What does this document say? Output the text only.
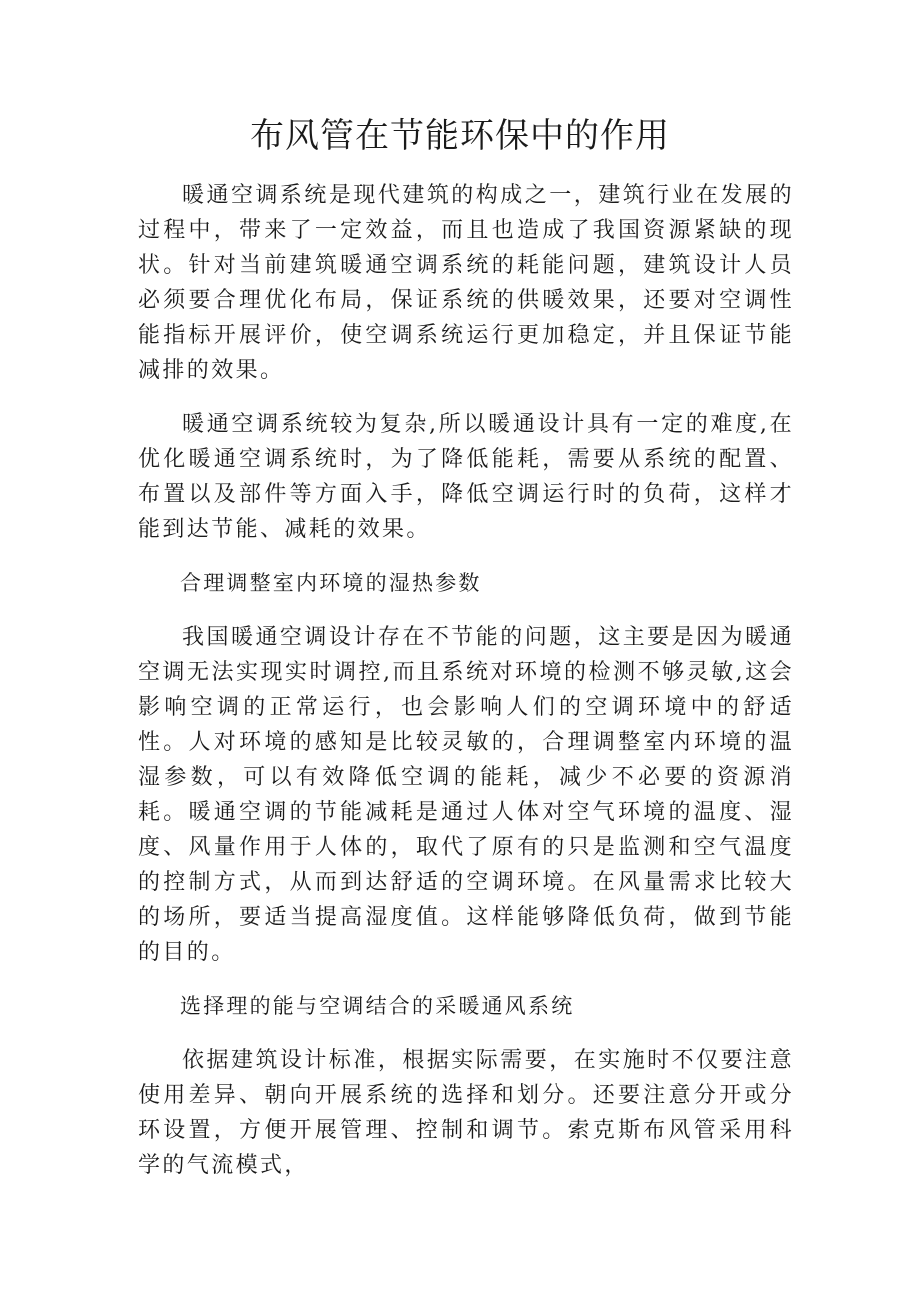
布风管在节能环保中的作用

暖通空调系统是现代建筑的构成之一，建筑行业在发展的过程中，带来了一定效益，而且也造成了我国资源紧缺的现状。针对当前建筑暖通空调系统的耗能问题，建筑设计人员必须要合理优化布局，保证系统的供暖效果，还要对空调性能指标开展评价，使空调系统运行更加稳定，并且保证节能减排的效果。

暖通空调系统较为复杂,所以暖通设计具有一定的难度,在优化暖通空调系统时，为了降低能耗，需要从系统的配置、布置以及部件等方面入手，降低空调运行时的负荷，这样才能到达节能、减耗的效果。

合理调整室内环境的湿热参数

我国暖通空调设计存在不节能的问题，这主要是因为暖通空调无法实现实时调控,而且系统对环境的检测不够灵敏,这会影响空调的正常运行，也会影响人们的空调环境中的舒适性。人对环境的感知是比较灵敏的，合理调整室内环境的温湿参数，可以有效降低空调的能耗，减少不必要的资源消耗。暖通空调的节能减耗是通过人体对空气环境的温度、湿度、风量作用于人体的，取代了原有的只是监测和空气温度的控制方式，从而到达舒适的空调环境。在风量需求比较大的场所，要适当提高湿度值。这样能够降低负荷，做到节能的目的。

选择理的能与空调结合的采暖通风系统

依据建筑设计标准，根据实际需要，在实施时不仅要注意使用差异、朝向开展系统的选择和划分。还要注意分开或分环设置，方便开展管理、控制和调节。索克斯布风管采用科学的气流模式，
